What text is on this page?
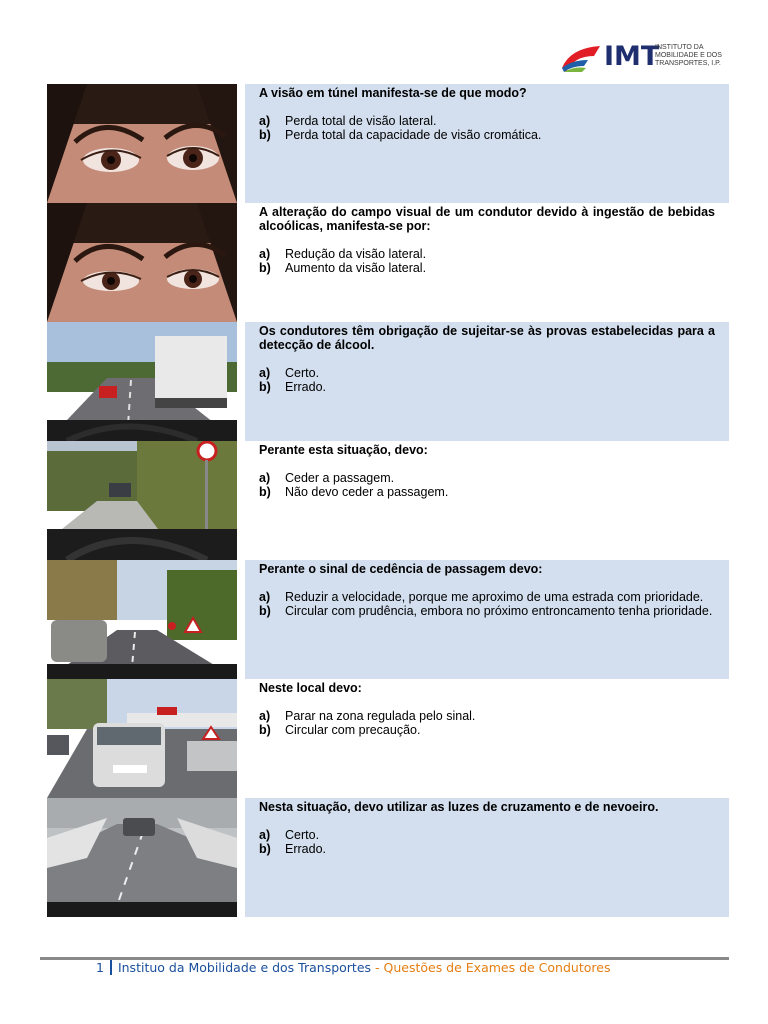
IMT
INSTITUTO DA
MOBILIDADE E DOS
TRANSPORTES, I.P.

A visão em túnel manifesta-se de que modo?

a)	Perda total de visão lateral.

b)	Perda total da capacidade de visão cromática.

A alteração do campo visual de um condutor devido à ingestão de bebidas alcoólicas, manifesta-se por:

a)	Redução da visão lateral.

b)	Aumento da visão lateral.

Os condutores têm obrigação de sujeitar-se às provas estabelecidas para a detecção de álcool.

a)	Certo.

b)	Errado.

Perante esta situação, devo:

a)	Ceder a passagem.

b)	Não devo ceder a passagem.

Perante o sinal de cedência de passagem devo:

a)	Reduzir a velocidade, porque me aproximo de uma estrada com prioridade.

b)	Circular com prudência, embora no próximo entroncamento tenha prioridade.

Neste local devo:

a)	Parar na zona regulada pelo sinal.

b)	Circular com precaução.

Nesta situação, devo utilizar as luzes de cruzamento e de nevoeiro.

a)	Certo.

b)	Errado.

1 Instituo da Mobilidade e dos Transportes - Questões de Exames de Condutores
